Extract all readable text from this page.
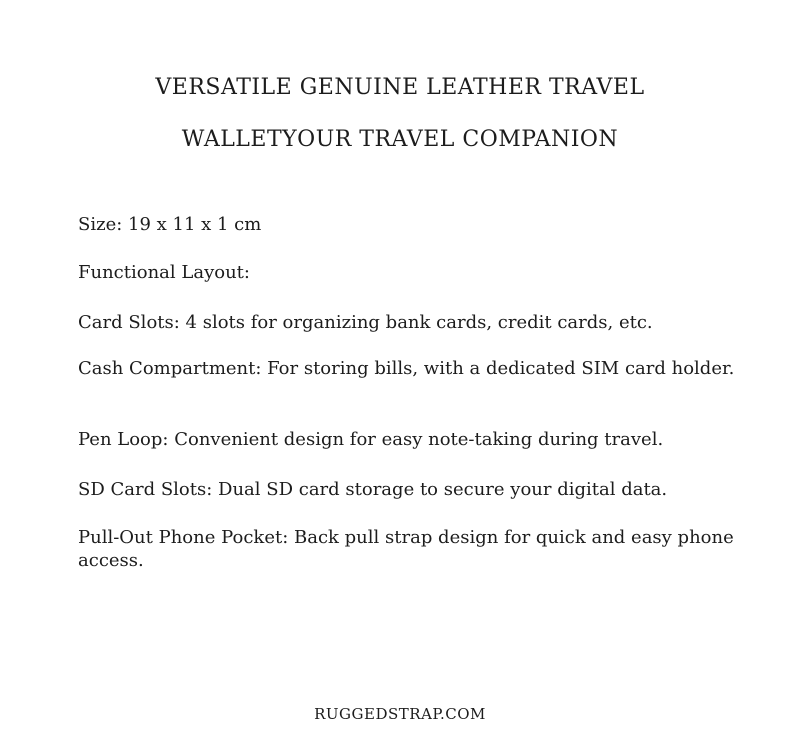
VERSATILE GENUINE LEATHER TRAVEL
WALLETYOUR TRAVEL COMPANION

Size: 19 x 11 x 1 cm

Functional Layout:

Card Slots: 4 slots for organizing bank cards, credit cards, etc.

Cash Compartment: For storing bills, with a dedicated SIM card holder.

Pen Loop: Convenient design for easy note-taking during travel.

SD Card Slots: Dual SD card storage to secure your digital data.

Pull-Out Phone Pocket: Back pull strap design for quick and easy phone access.

RUGGEDSTRAP.COM
